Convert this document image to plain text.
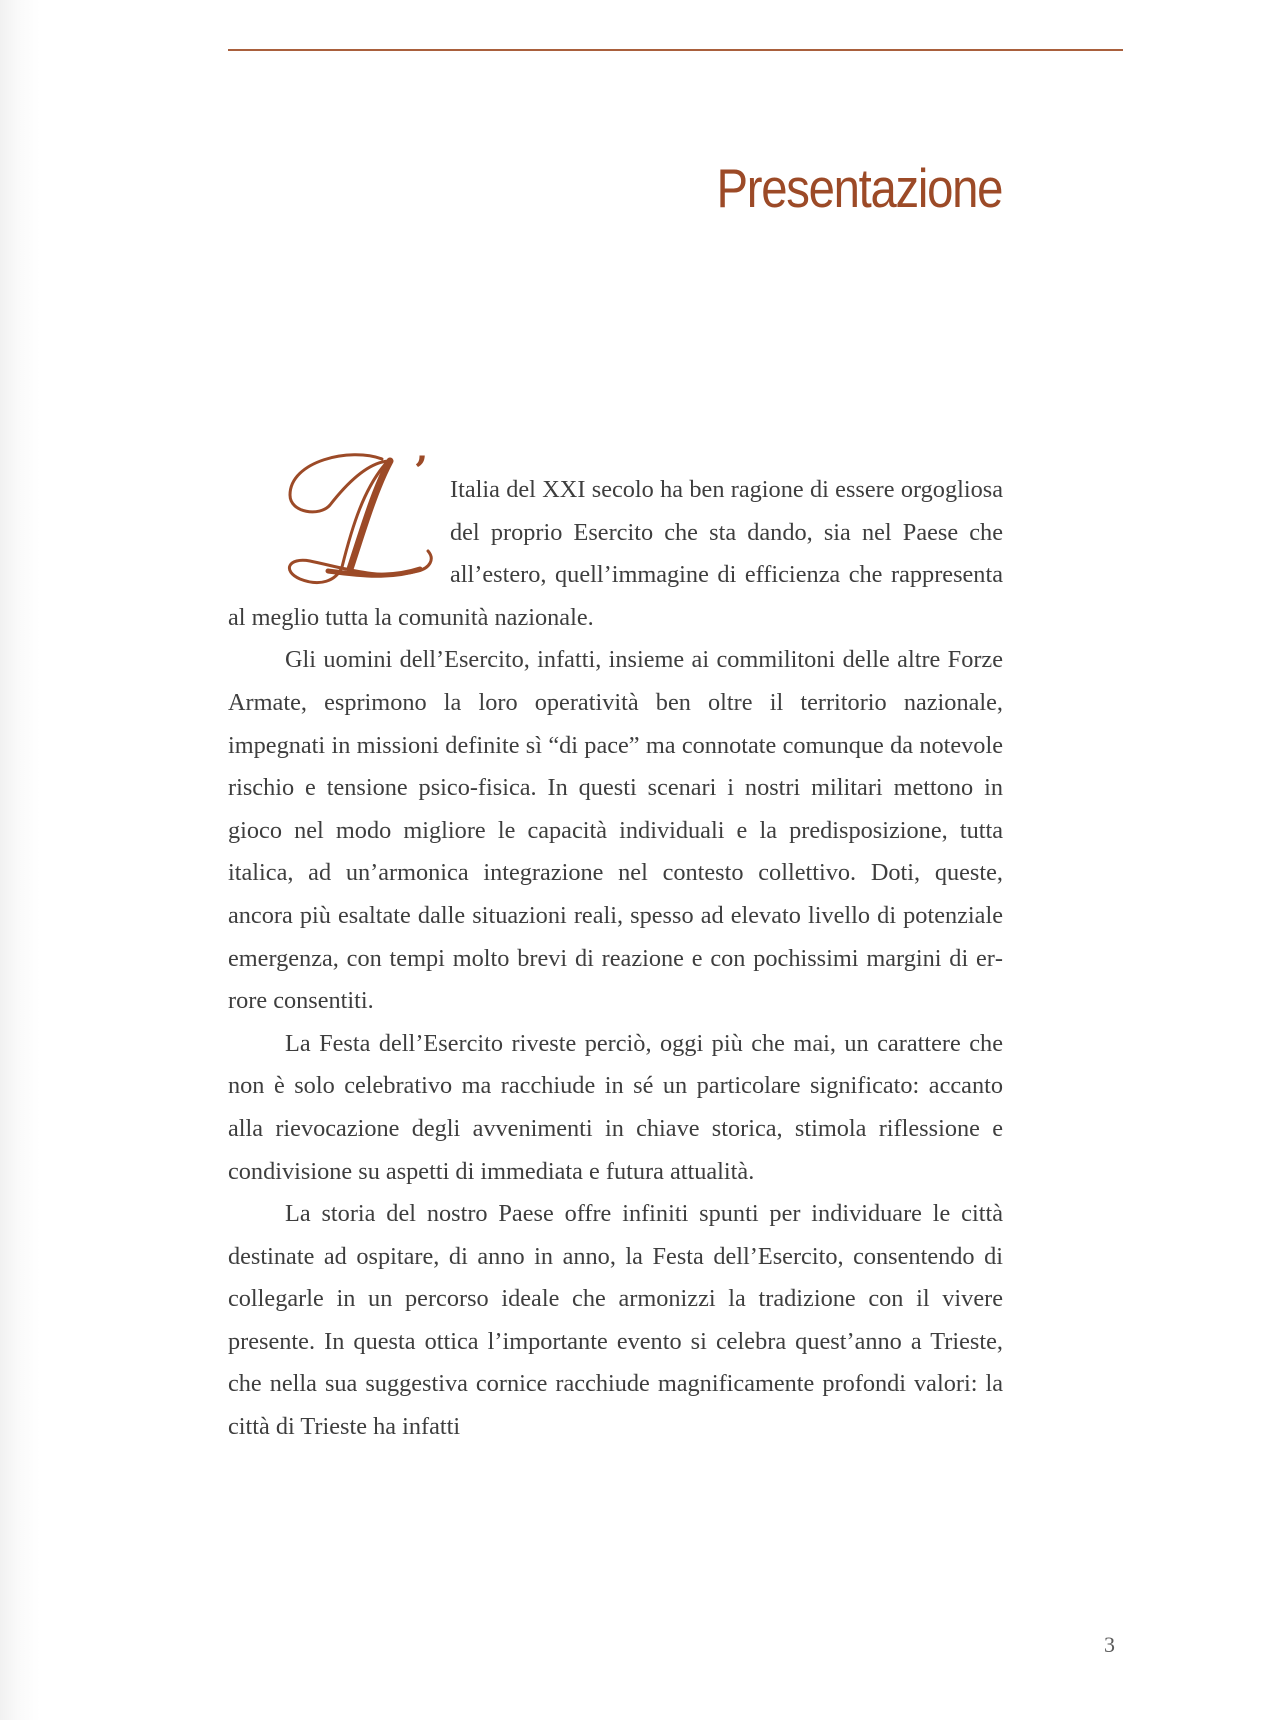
Presentazione
’ Italia del XXI secolo ha ben ragione di essere orgogliosa del proprio Esercito che sta dando, sia nel Paese che all’estero, quell’immagine di efficienza che rappresenta al meglio tutta la comunità nazionale.

Gli uomini dell’Esercito, infatti, insieme ai commilitoni delle altre Forze Armate, esprimono la loro operatività ben oltre il territorio nazionale, impegnati in missioni definite sì “di pace” ma connotate comunque da notevole rischio e tensione psico-fisica. In questi scenari i nostri militari mettono in gioco nel modo migliore le capacità individuali e la predisposizione, tutta italica, ad un’armonica integrazione nel contesto collettivo. Doti, queste, ancora più esaltate dalle situazioni reali, spesso ad elevato livello di potenziale emergenza, con tempi molto brevi di reazione e con pochissimi margini di errore consentiti.

La Festa dell’Esercito riveste perciò, oggi più che mai, un carattere che non è solo celebrativo ma racchiude in sé un particolare significato: accanto alla rievocazione degli avvenimenti in chiave storica, stimola riflessione e condivisione su aspetti di immediata e futura attualità.

La storia del nostro Paese offre infiniti spunti per individuare le città destinate ad ospitare, di anno in anno, la Festa dell’Esercito, consentendo di collegarle in un percorso ideale che armonizzi la tradizione con il vivere presente. In questa ottica l’importante evento si celebra quest’anno a Trieste, che nella sua suggestiva cornice racchiude magnificamente profondi valori: la città di Trieste ha infatti

3
